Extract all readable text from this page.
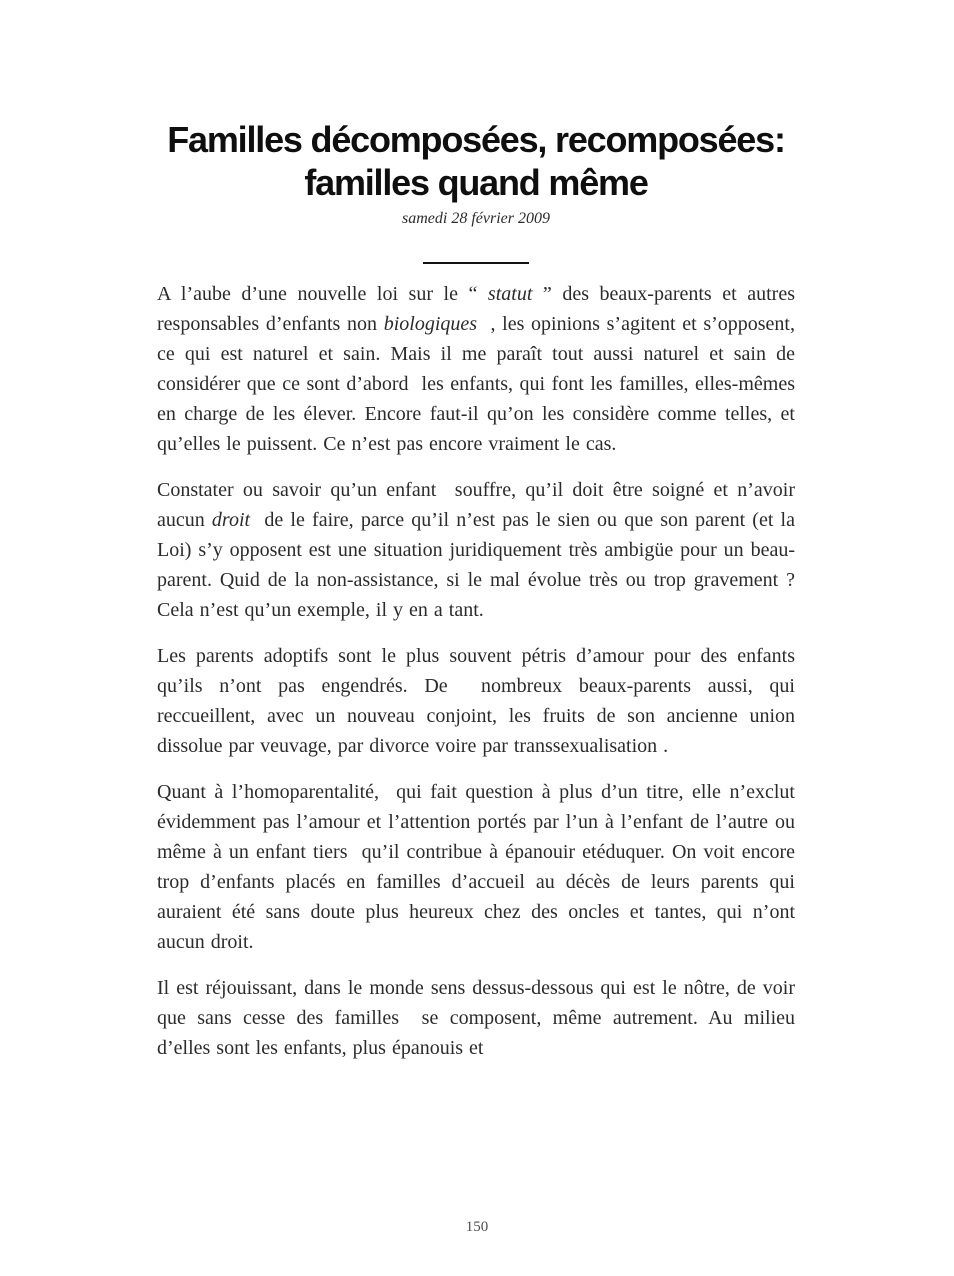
Familles décomposées, recomposées:
familles quand même
samedi 28 février 2009

A l’aube d’une nouvelle loi sur le “ statut ” des beaux-parents et autres responsables d’enfants non biologiques  , les opinions s’agitent et s’opposent, ce qui est naturel et sain. Mais il me paraît tout aussi naturel et sain de considérer que ce sont d’abord  les enfants, qui font les familles, elles-mêmes en charge de les élever. Encore faut-il qu’on les considère comme telles, et qu’elles le puissent. Ce n’est pas encore vraiment le cas.

Constater ou savoir qu’un enfant  souffre, qu’il doit être soigné et n’avoir aucun droit  de le faire, parce qu’il n’est pas le sien ou que son parent (et la Loi) s’y opposent est une situation juridiquement très ambigüe pour un beau-parent. Quid de la non-assistance, si le mal évolue très ou trop gravement ? Cela n’est qu’un exemple, il y en a tant.

Les parents adoptifs sont le plus souvent pétris d’amour pour des enfants qu’ils n’ont pas engendrés. De  nombreux beaux-parents aussi, qui reccueillent, avec un nouveau conjoint, les fruits de son ancienne union dissolue par veuvage, par divorce voire par transsexualisation .

Quant à l’homoparentalité,  qui fait question à plus d’un titre, elle n’exclut évidemment pas l’amour et l’attention portés par l’un à l’enfant de l’autre ou même à un enfant tiers  qu’il contribue à épanouir etéduquer. On voit encore trop d’enfants placés en familles d’accueil au décès de leurs parents qui auraient été sans doute plus heureux chez des oncles et tantes, qui n’ont aucun droit.

Il est réjouissant, dans le monde sens dessus-dessous qui est le nôtre, de voir que sans cesse des familles  se composent, même autrement. Au milieu d’elles sont les enfants, plus épanouis et

150
